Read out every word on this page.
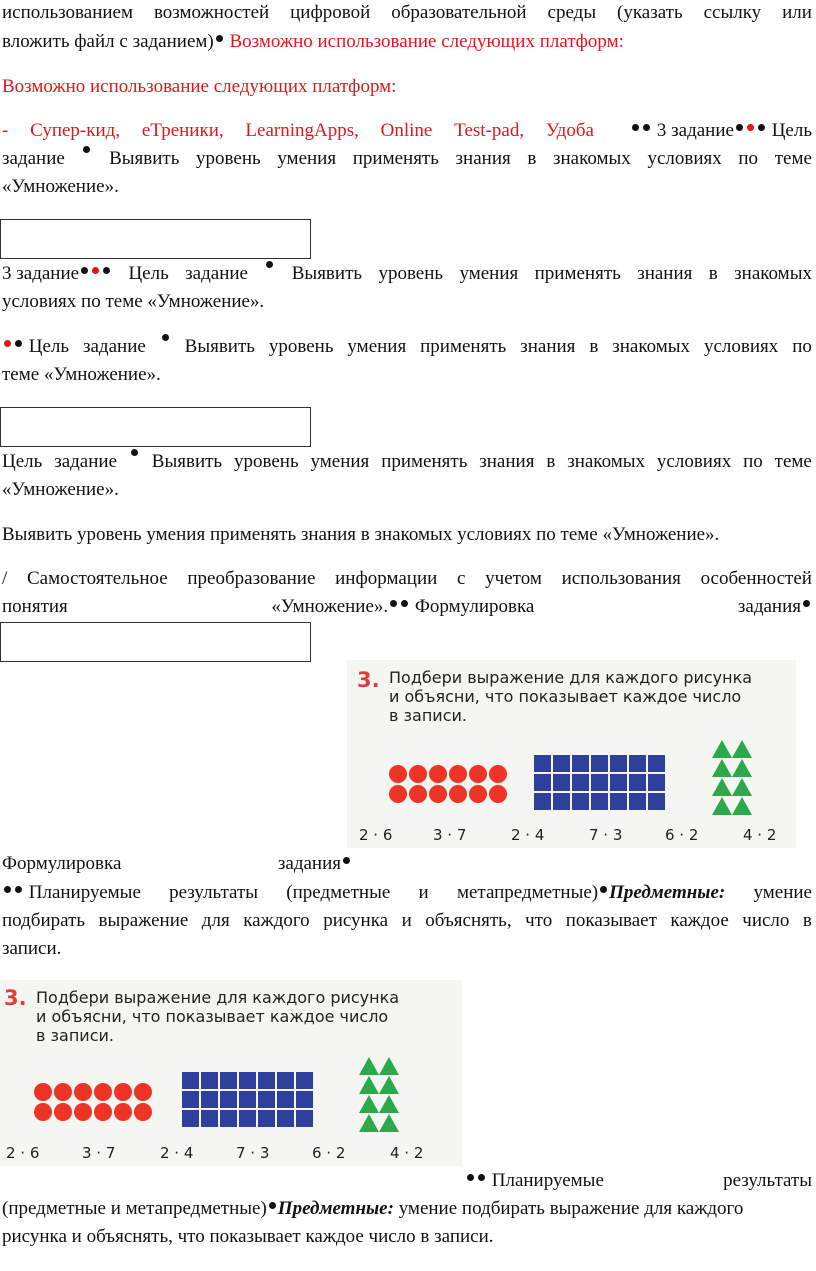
использованием возможностей цифровой образовательной среды (указать ссылку или
вложить файл с заданием) Возможно использование следующих платформ:
Возможно использование следующих платформ:
- Супер-кид, еТреники, LearningApps, Online Test-pad, Удоба	3 задание Цель
задание Выявить уровень умения применять знания в знакомых условиях по теме
«Умножение».
3 задание	Цель задание Выявить уровень умения применять знания в знакомых
условиях по теме «Умножение».
Цель задание Выявить уровень умения применять знания в знакомых условиях по
теме «Умножение».
Цель задание Выявить уровень умения применять знания в знакомых условиях по теме
«Умножение».
Выявить уровень умения применять знания в знакомых условиях по теме «Умножение».
/ Самостоятельное преобразование информации с учетом использования особенностей
понятия	«Умножение». Формулировка	задания
3. Подбери выражение для каждого рисунка
и объясни, что показывает каждое число
в записи.
2 · 6	3 · 7	2 · 4	7 · 3	6 · 2	4 · 2
Формулировка	задания
Планируемые результаты (предметные и метапредметные) Предметные: умение
подбирать выражение для каждого рисунка и объяснять, что показывает каждое число в
записи.
3. Подбери выражение для каждого рисунка
и объясни, что показывает каждое число
в записи.
2 · 6	3 · 7	2 · 4	7 · 3	6 · 2	4 · 2
Планируемые	результаты
(предметные и метапредметные) Предметные: умение подбирать выражение для каждого
рисунка и объяснять, что показывает каждое число в записи.
